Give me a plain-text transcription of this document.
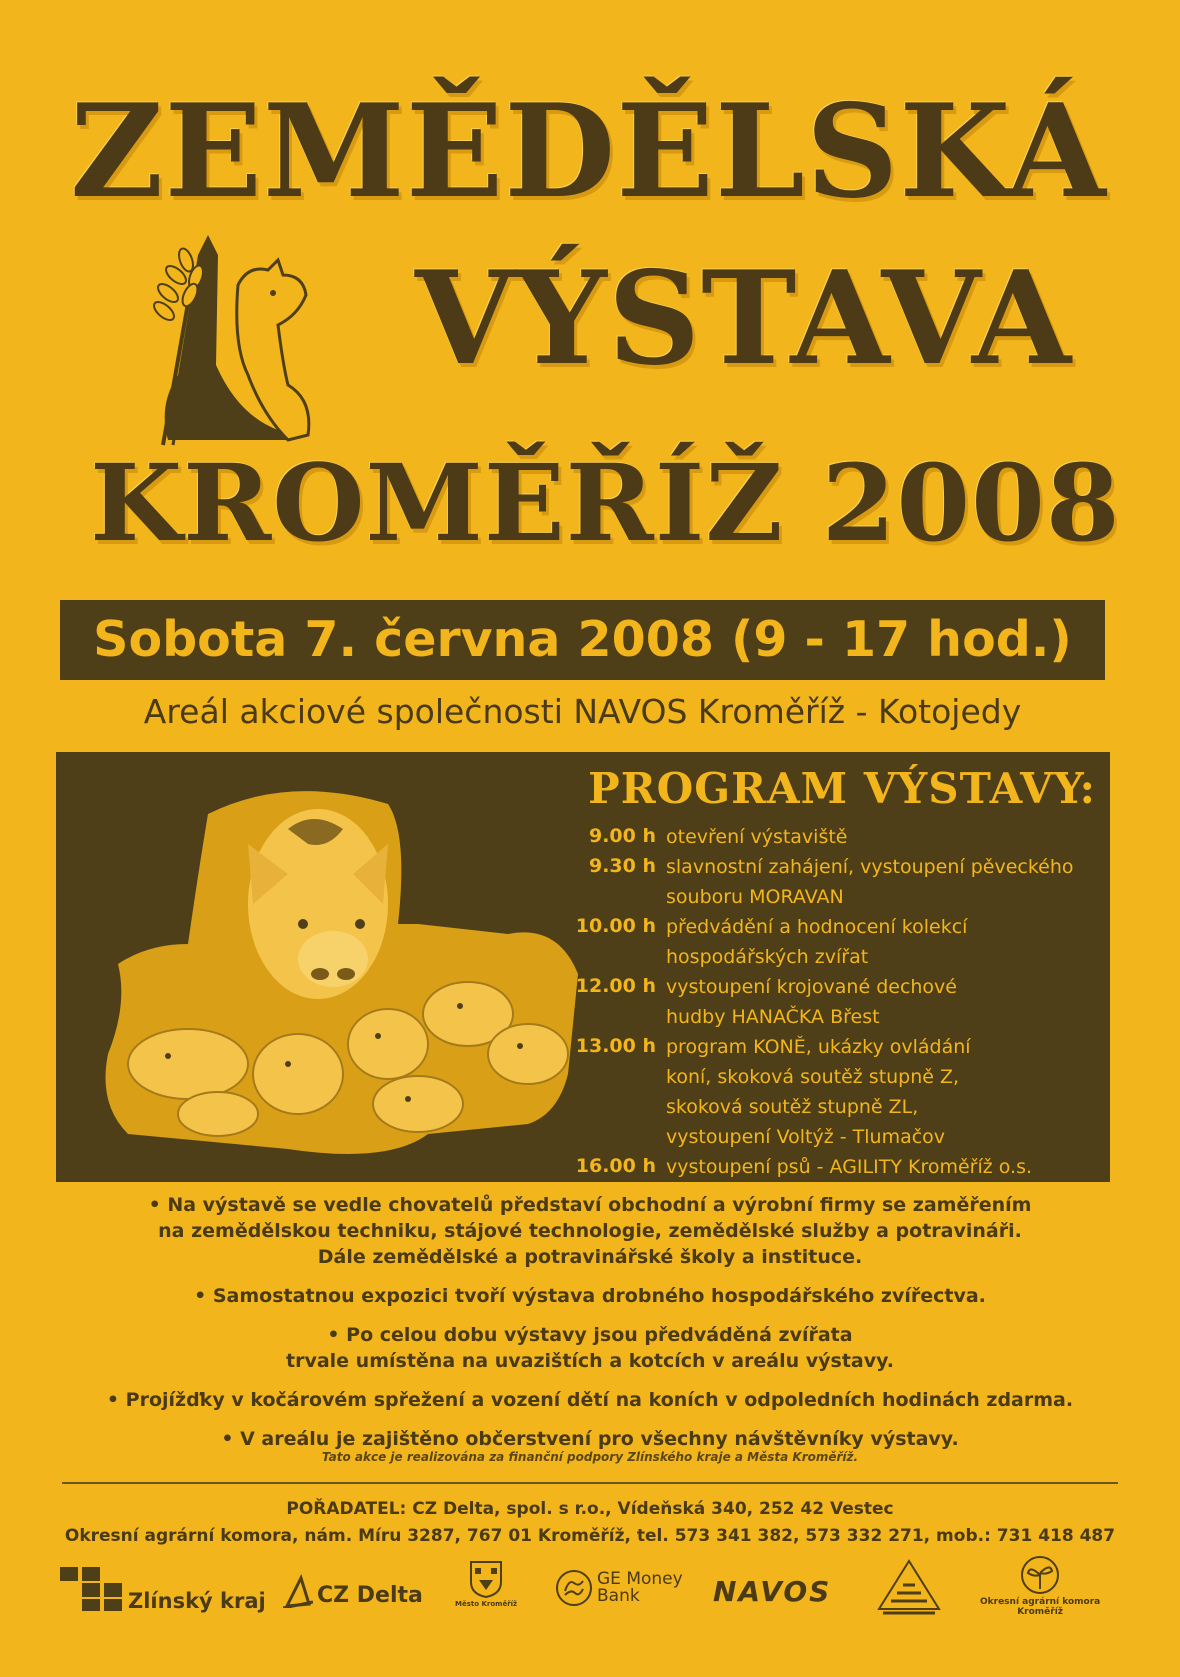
ZEMĚDĚLSKÁ
VÝSTAVA
KROMĚŘÍŽ 2008
Sobota 7. června 2008 (9 - 17 hod.)
Areál akciové společnosti NAVOS Kroměříž - Kotojedy
PROGRAM VÝSTAVY:
9.00 h otevření výstaviště
9.30 h slavnostní zahájení, vystoupení pěveckého
souboru MORAVAN
10.00 h předvádění a hodnocení kolekcí
hospodářských zvířat
12.00 h vystoupení krojované dechové
hudby HANAČKA Břest
13.00 h program KONĚ, ukázky ovládání
koní, skoková soutěž stupně Z,
skoková soutěž stupně ZL,
vystoupení Voltýž - Tlumačov
16.00 h vystoupení psů - AGILITY Kroměříž o.s.

• Na výstavě se vedle chovatelů představí obchodní a výrobní firmy se zaměřením
na zemědělskou techniku, stájové technologie, zemědělské služby a potravináři.
Dále zemědělské a potravinářské školy a instituce.

• Samostatnou expozici tvoří výstava drobného hospodářského zvířectva.

• Po celou dobu výstavy jsou předváděná zvířata
trvale umístěna na uvazištích a kotcích v areálu výstavy.

• Projížďky v kočárovém spřežení a vození dětí na koních v odpoledních hodinách zdarma.

• V areálu je zajištěno občerstvení pro všechny návštěvníky výstavy.

Tato akce je realizována za finanční podpory Zlínského kraje a Města Kroměříž.
POŘADATEL: CZ Delta, spol. s r.o., Vídeňská 340, 252 42 Vestec
Okresní agrární komora, nám. Míru 3287, 767 01 Kroměříž, tel. 573 341 382, 573 332 271, mob.: 731 418 487
Zlínský kraj CZ Delta	Město Kroměříž
GE Money
Bank	NAVOS	Okresní agrární komora
Kroměříž
